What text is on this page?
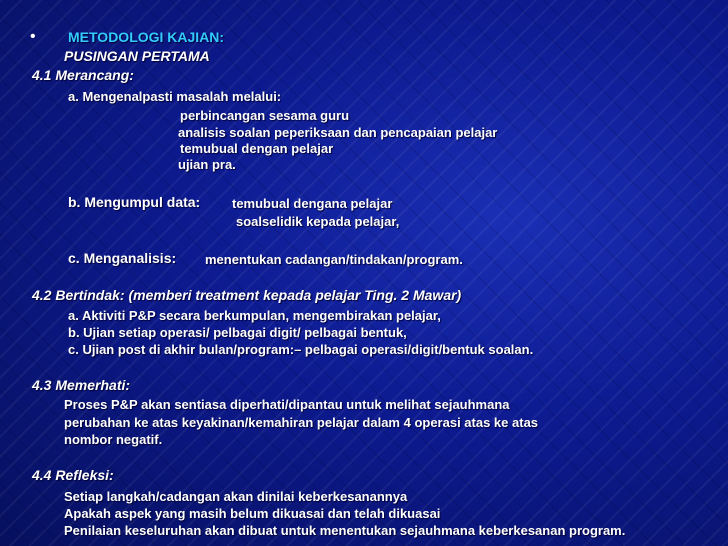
• METODOLOGI KAJIAN:
PUSINGAN PERTAMA
4.1 Merancang:
a. Mengenalpasti masalah melalui:
perbincangan sesama guru
analisis soalan peperiksaan dan pencapaian pelajar
temubual dengan pelajar
ujian pra.
b. Mengumpul data: temubual dengana pelajar
soalselidik kepada pelajar,
c. Menganalisis: menentukan cadangan/tindakan/program.
4.2 Bertindak: (memberi treatment kepada pelajar Ting. 2 Mawar)
a. Aktiviti P&P secara berkumpulan, mengembirakan pelajar,
b. Ujian setiap operasi/ pelbagai digit/ pelbagai bentuk,
c. Ujian post di akhir bulan/program:– pelbagai operasi/digit/bentuk soalan.
4.3 Memerhati:
Proses P&P akan sentiasa diperhati/dipantau untuk melihat sejauhmana
perubahan ke atas keyakinan/kemahiran pelajar dalam 4 operasi atas ke atas
nombor negatif.
4.4 Refleksi:
Setiap langkah/cadangan akan dinilai keberkesanannya
Apakah aspek yang masih belum dikuasai dan telah dikuasai
Penilaian keseluruhan akan dibuat untuk menentukan sejauhmana keberkesanan program.
